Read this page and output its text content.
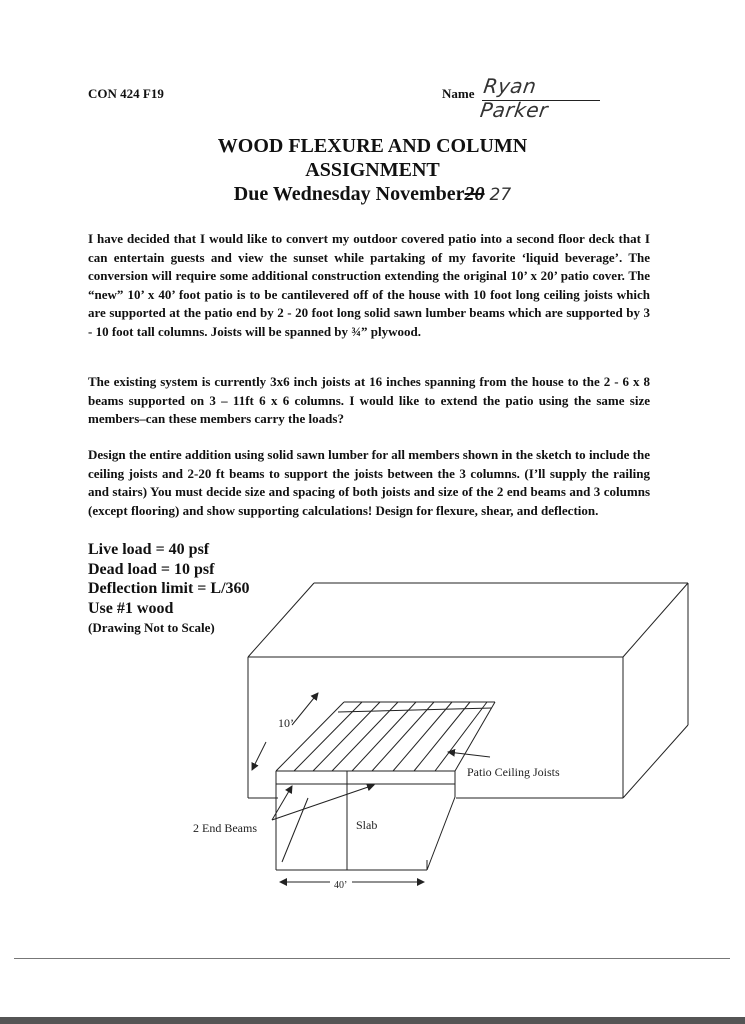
CON 424 F19	Name Ryan Parker
WOOD FLEXURE AND COLUMN
ASSIGNMENT
Due Wednesday November20 27
I have decided that I would like to convert my outdoor covered patio into a second floor deck that I can entertain guests and view the sunset while partaking of my favorite ‘liquid beverage’. The conversion will require some additional construction extending the original 10’ x 20’ patio cover. The “new” 10’ x 40’ foot patio is to be cantilevered off of the house with 10 foot long ceiling joists which are supported at the patio end by 2 - 20 foot long solid sawn lumber beams which are supported by 3 - 10 foot tall columns. Joists will be spanned by ¾” plywood.
The existing system is currently 3x6 inch joists at 16 inches spanning from the house to the 2 - 6 x 8 beams supported on 3 – 11ft 6 x 6 columns. I would like to extend the patio using the same size members–can these members carry the loads?
Design the entire addition using solid sawn lumber for all members shown in the sketch to include the ceiling joists and 2-20 ft beams to support the joists between the 3 columns. (I’ll supply the railing and stairs) You must decide size and spacing of both joists and size of the 2 end beams and 3 columns (except flooring) and show supporting calculations! Design for flexure, shear, and deflection.
Live load = 40 psf
Dead load = 10 psf
Deflection limit = L/360
Use #1 wood
(Drawing Not to Scale)
10’
Patio Ceiling Joists
2 End Beams	Slab
40’
